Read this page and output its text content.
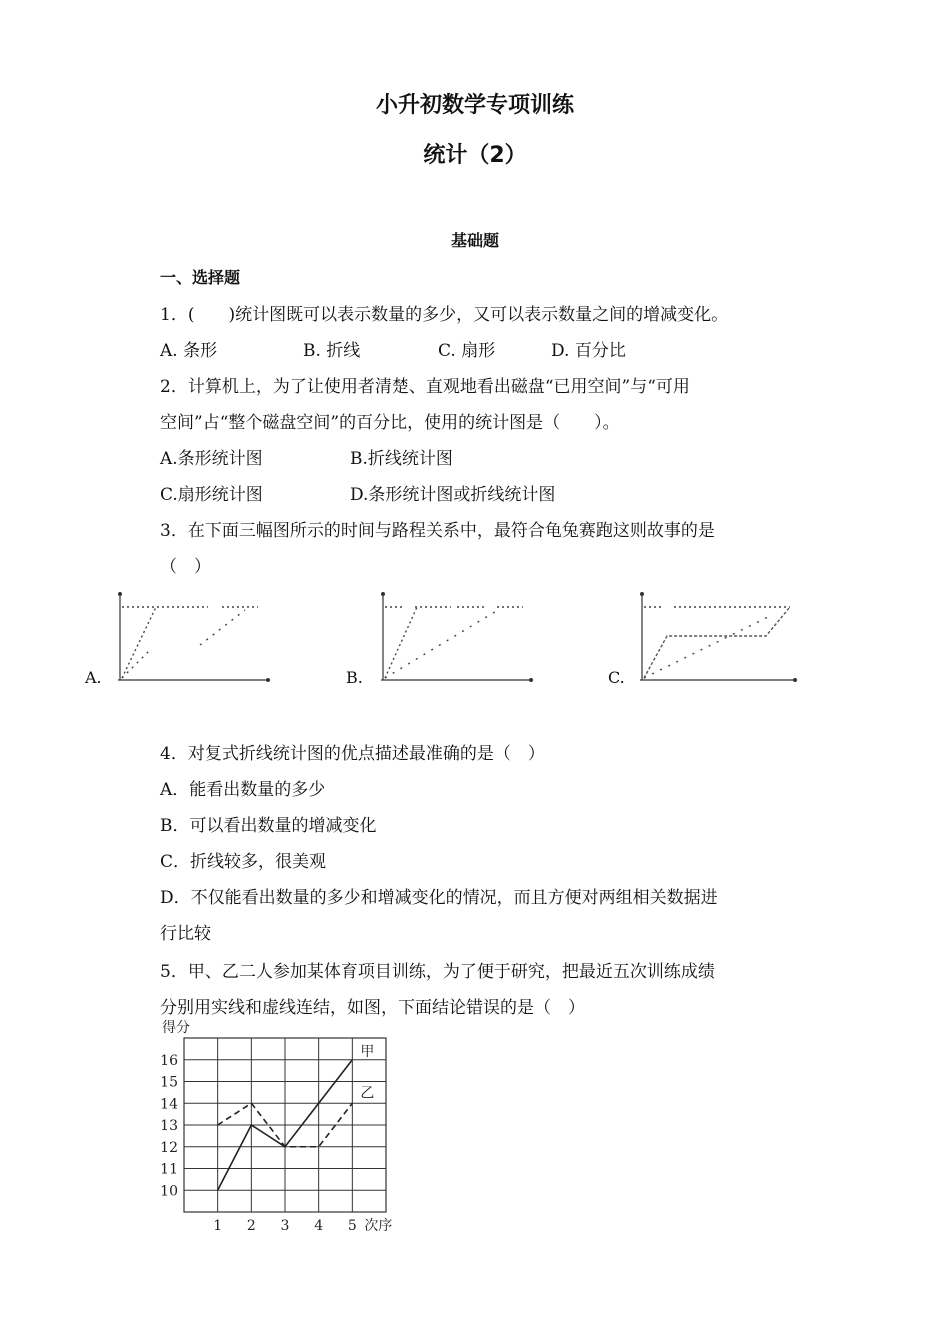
小升初数学专项训练
统计（2）
基础题
一、选择题
1．(　　)统计图既可以表示数量的多少，又可以表示数量之间的增减变化。
A. 条形	B. 折线	C. 扇形	D. 百分比
2．计算机上，为了让使用者清楚、直观地看出磁盘“已用空间”与“可用
空间”占“整个磁盘空间”的百分比，使用的统计图是（　　）。
A.条形统计图	B.折线统计图
C.扇形统计图	D.条形统计图或折线统计图
3．在下面三幅图所示的时间与路程关系中，最符合龟兔赛跑这则故事的是
（　）
A.	B.	C.
4．对复式折线统计图的优点描述最准确的是（　）
A．能看出数量的多少
B．可以看出数量的增减变化
C．折线较多，很美观
D．不仅能看出数量的多少和增减变化的情况，而且方便对两组相关数据进
行比较
5．甲、乙二人参加某体育项目训练，为了便于研究，把最近五次训练成绩
分别用实线和虚线连结，如图，下面结论错误的是（　）
10
11
12
13
14
15
16
1 2 3 4 5
得分
次序
甲
乙
